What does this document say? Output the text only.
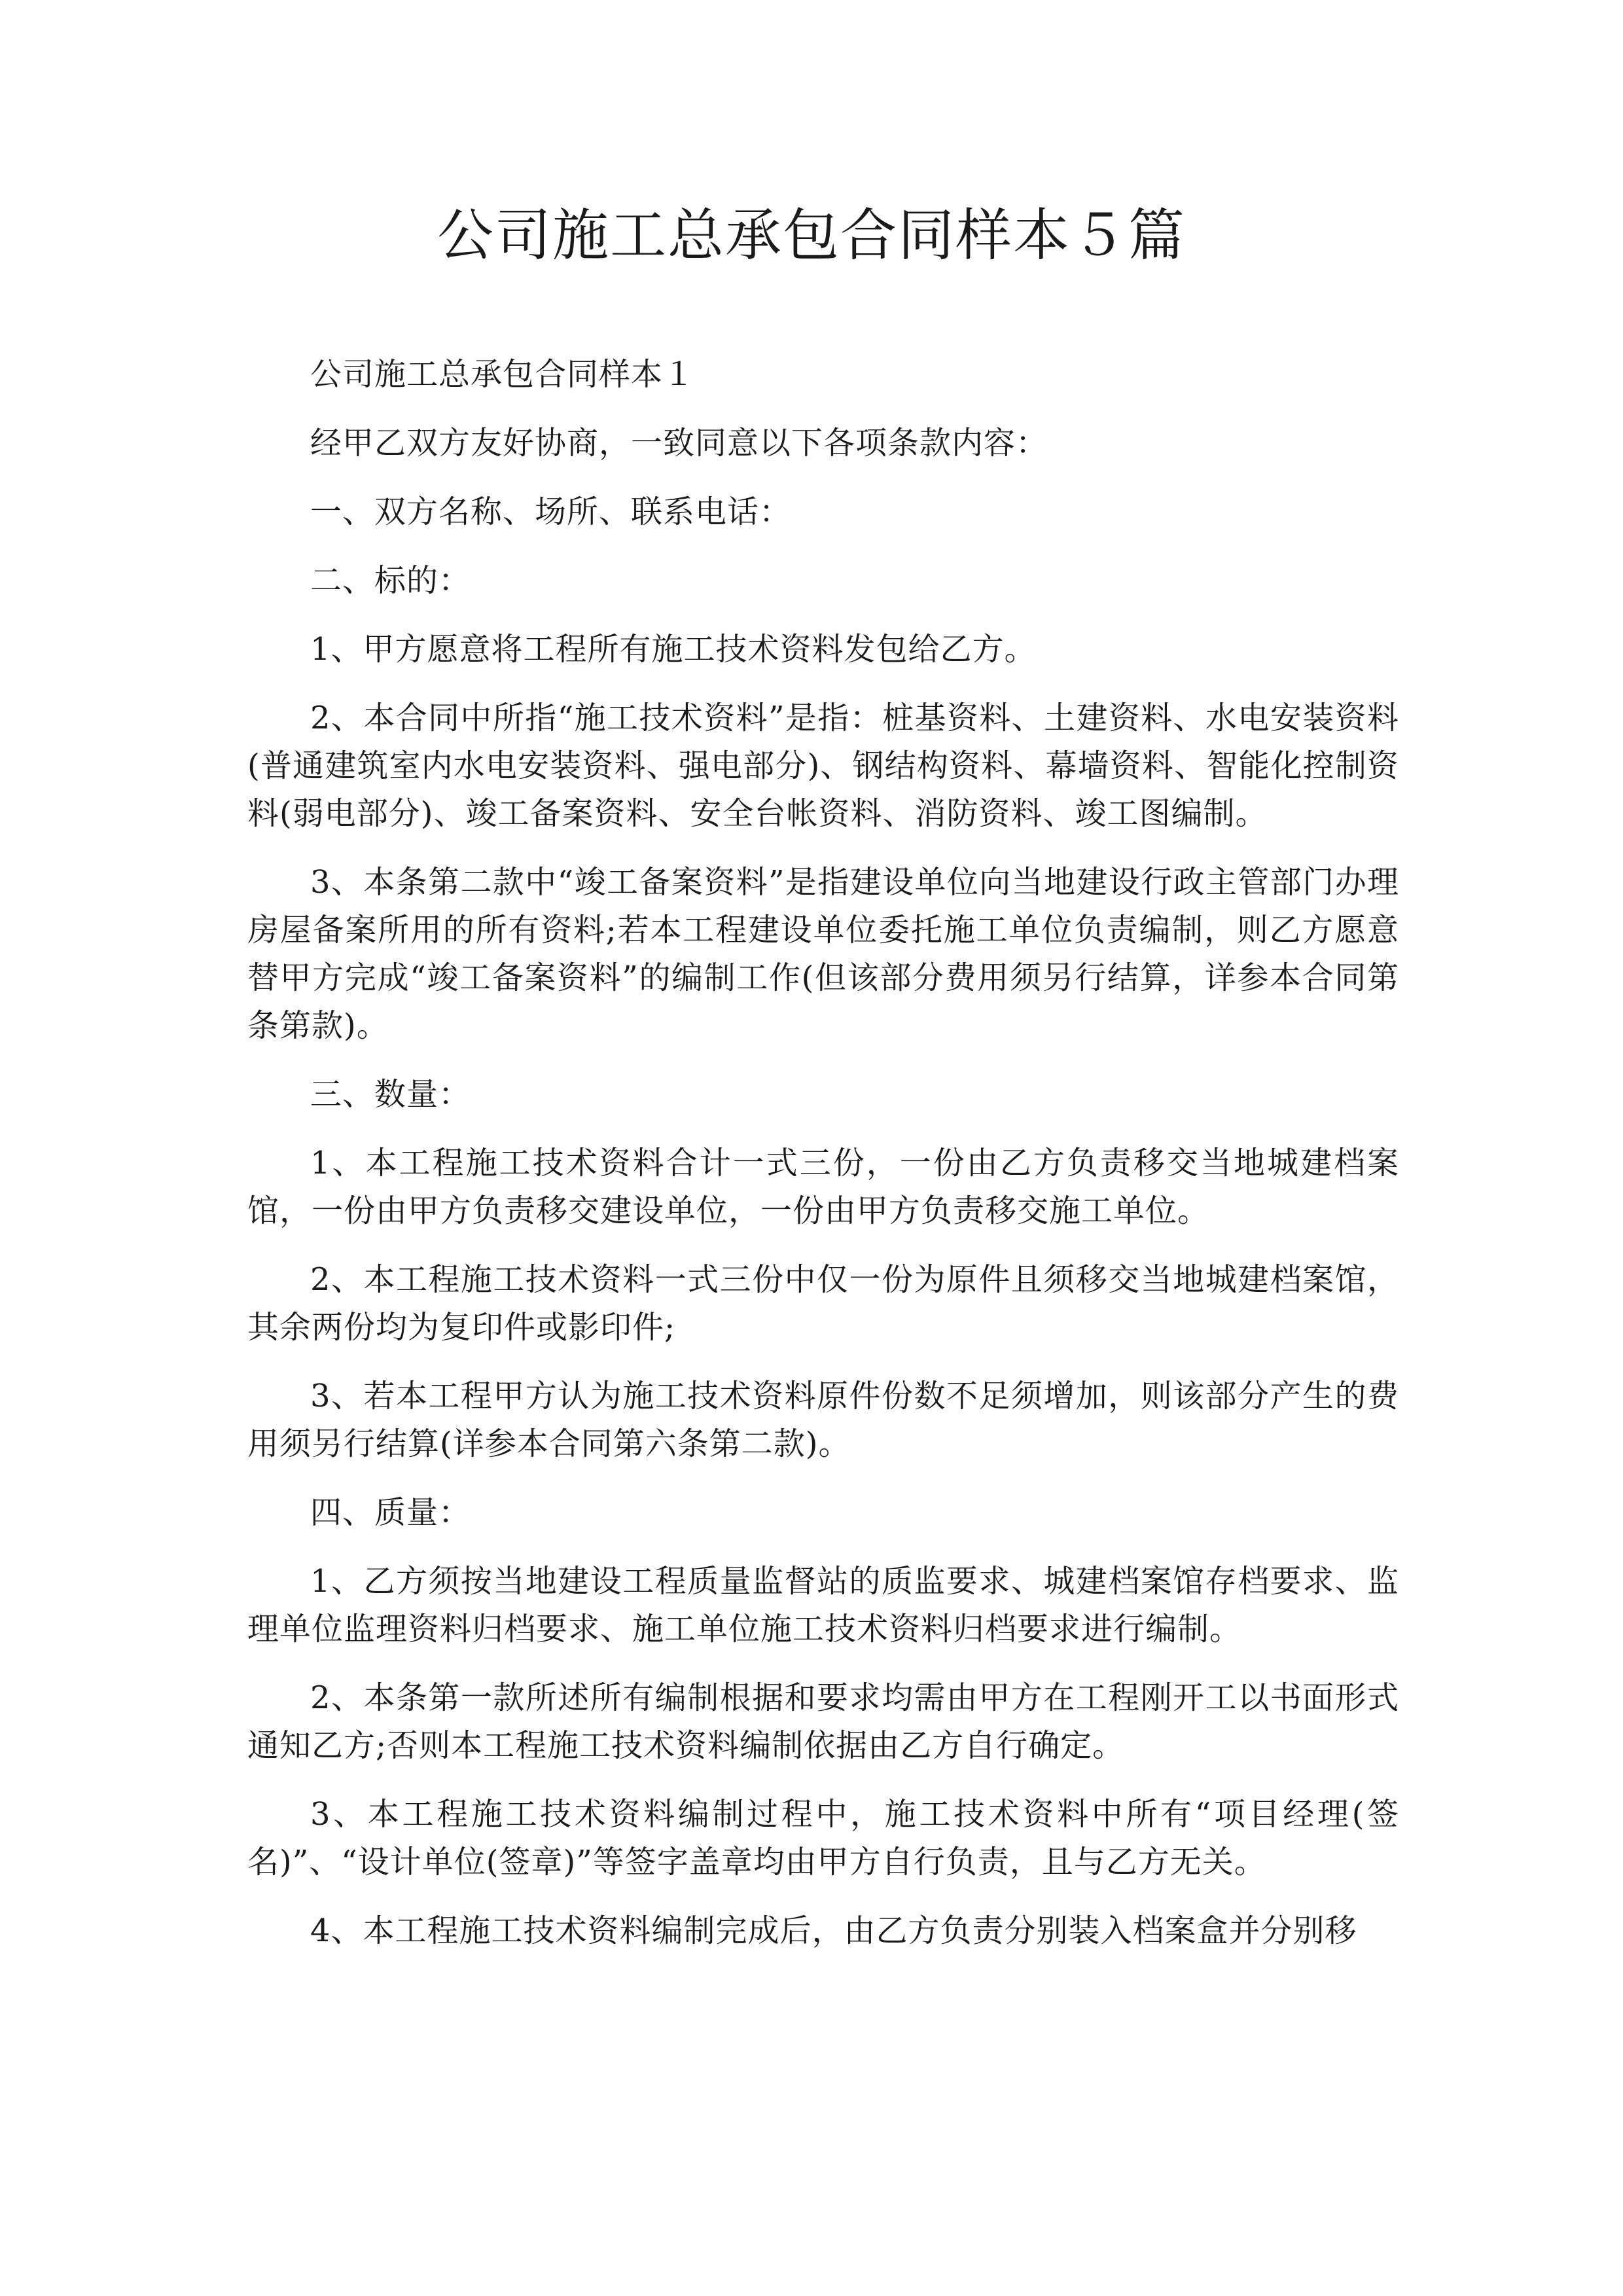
公司施工总承包合同样本５篇

公司施工总承包合同样本１

经甲乙双方友好协商，一致同意以下各项条款内容：

一、双方名称、场所、联系电话：

二、标的：

1、甲方愿意将工程所有施工技术资料发包给乙方。

2、本合同中所指“施工技术资料”是指：桩基资料、土建资料、水电安装资料(普通建筑室内水电安装资料、强电部分)、钢结构资料、幕墙资料、智能化控制资料(弱电部分)、竣工备案资料、安全台帐资料、消防资料、竣工图编制。

3、本条第二款中“竣工备案资料”是指建设单位向当地建设行政主管部门办理房屋备案所用的所有资料;若本工程建设单位委托施工单位负责编制，则乙方愿意替甲方完成“竣工备案资料”的编制工作(但该部分费用须另行结算，详参本合同第条第款)。

三、数量：

1、本工程施工技术资料合计一式三份，一份由乙方负责移交当地城建档案馆，一份由甲方负责移交建设单位，一份由甲方负责移交施工单位。

2、本工程施工技术资料一式三份中仅一份为原件且须移交当地城建档案馆，其余两份均为复印件或影印件;

3、若本工程甲方认为施工技术资料原件份数不足须增加，则该部分产生的费用须另行结算(详参本合同第六条第二款)。

四、质量：

1、乙方须按当地建设工程质量监督站的质监要求、城建档案馆存档要求、监理单位监理资料归档要求、施工单位施工技术资料归档要求进行编制。

2、本条第一款所述所有编制根据和要求均需由甲方在工程刚开工以书面形式通知乙方;否则本工程施工技术资料编制依据由乙方自行确定。

3、本工程施工技术资料编制过程中，施工技术资料中所有“项目经理(签名)”、“设计单位(签章)”等签字盖章均由甲方自行负责，且与乙方无关。

4、本工程施工技术资料编制完成后，由乙方负责分别装入档案盒并分别移
